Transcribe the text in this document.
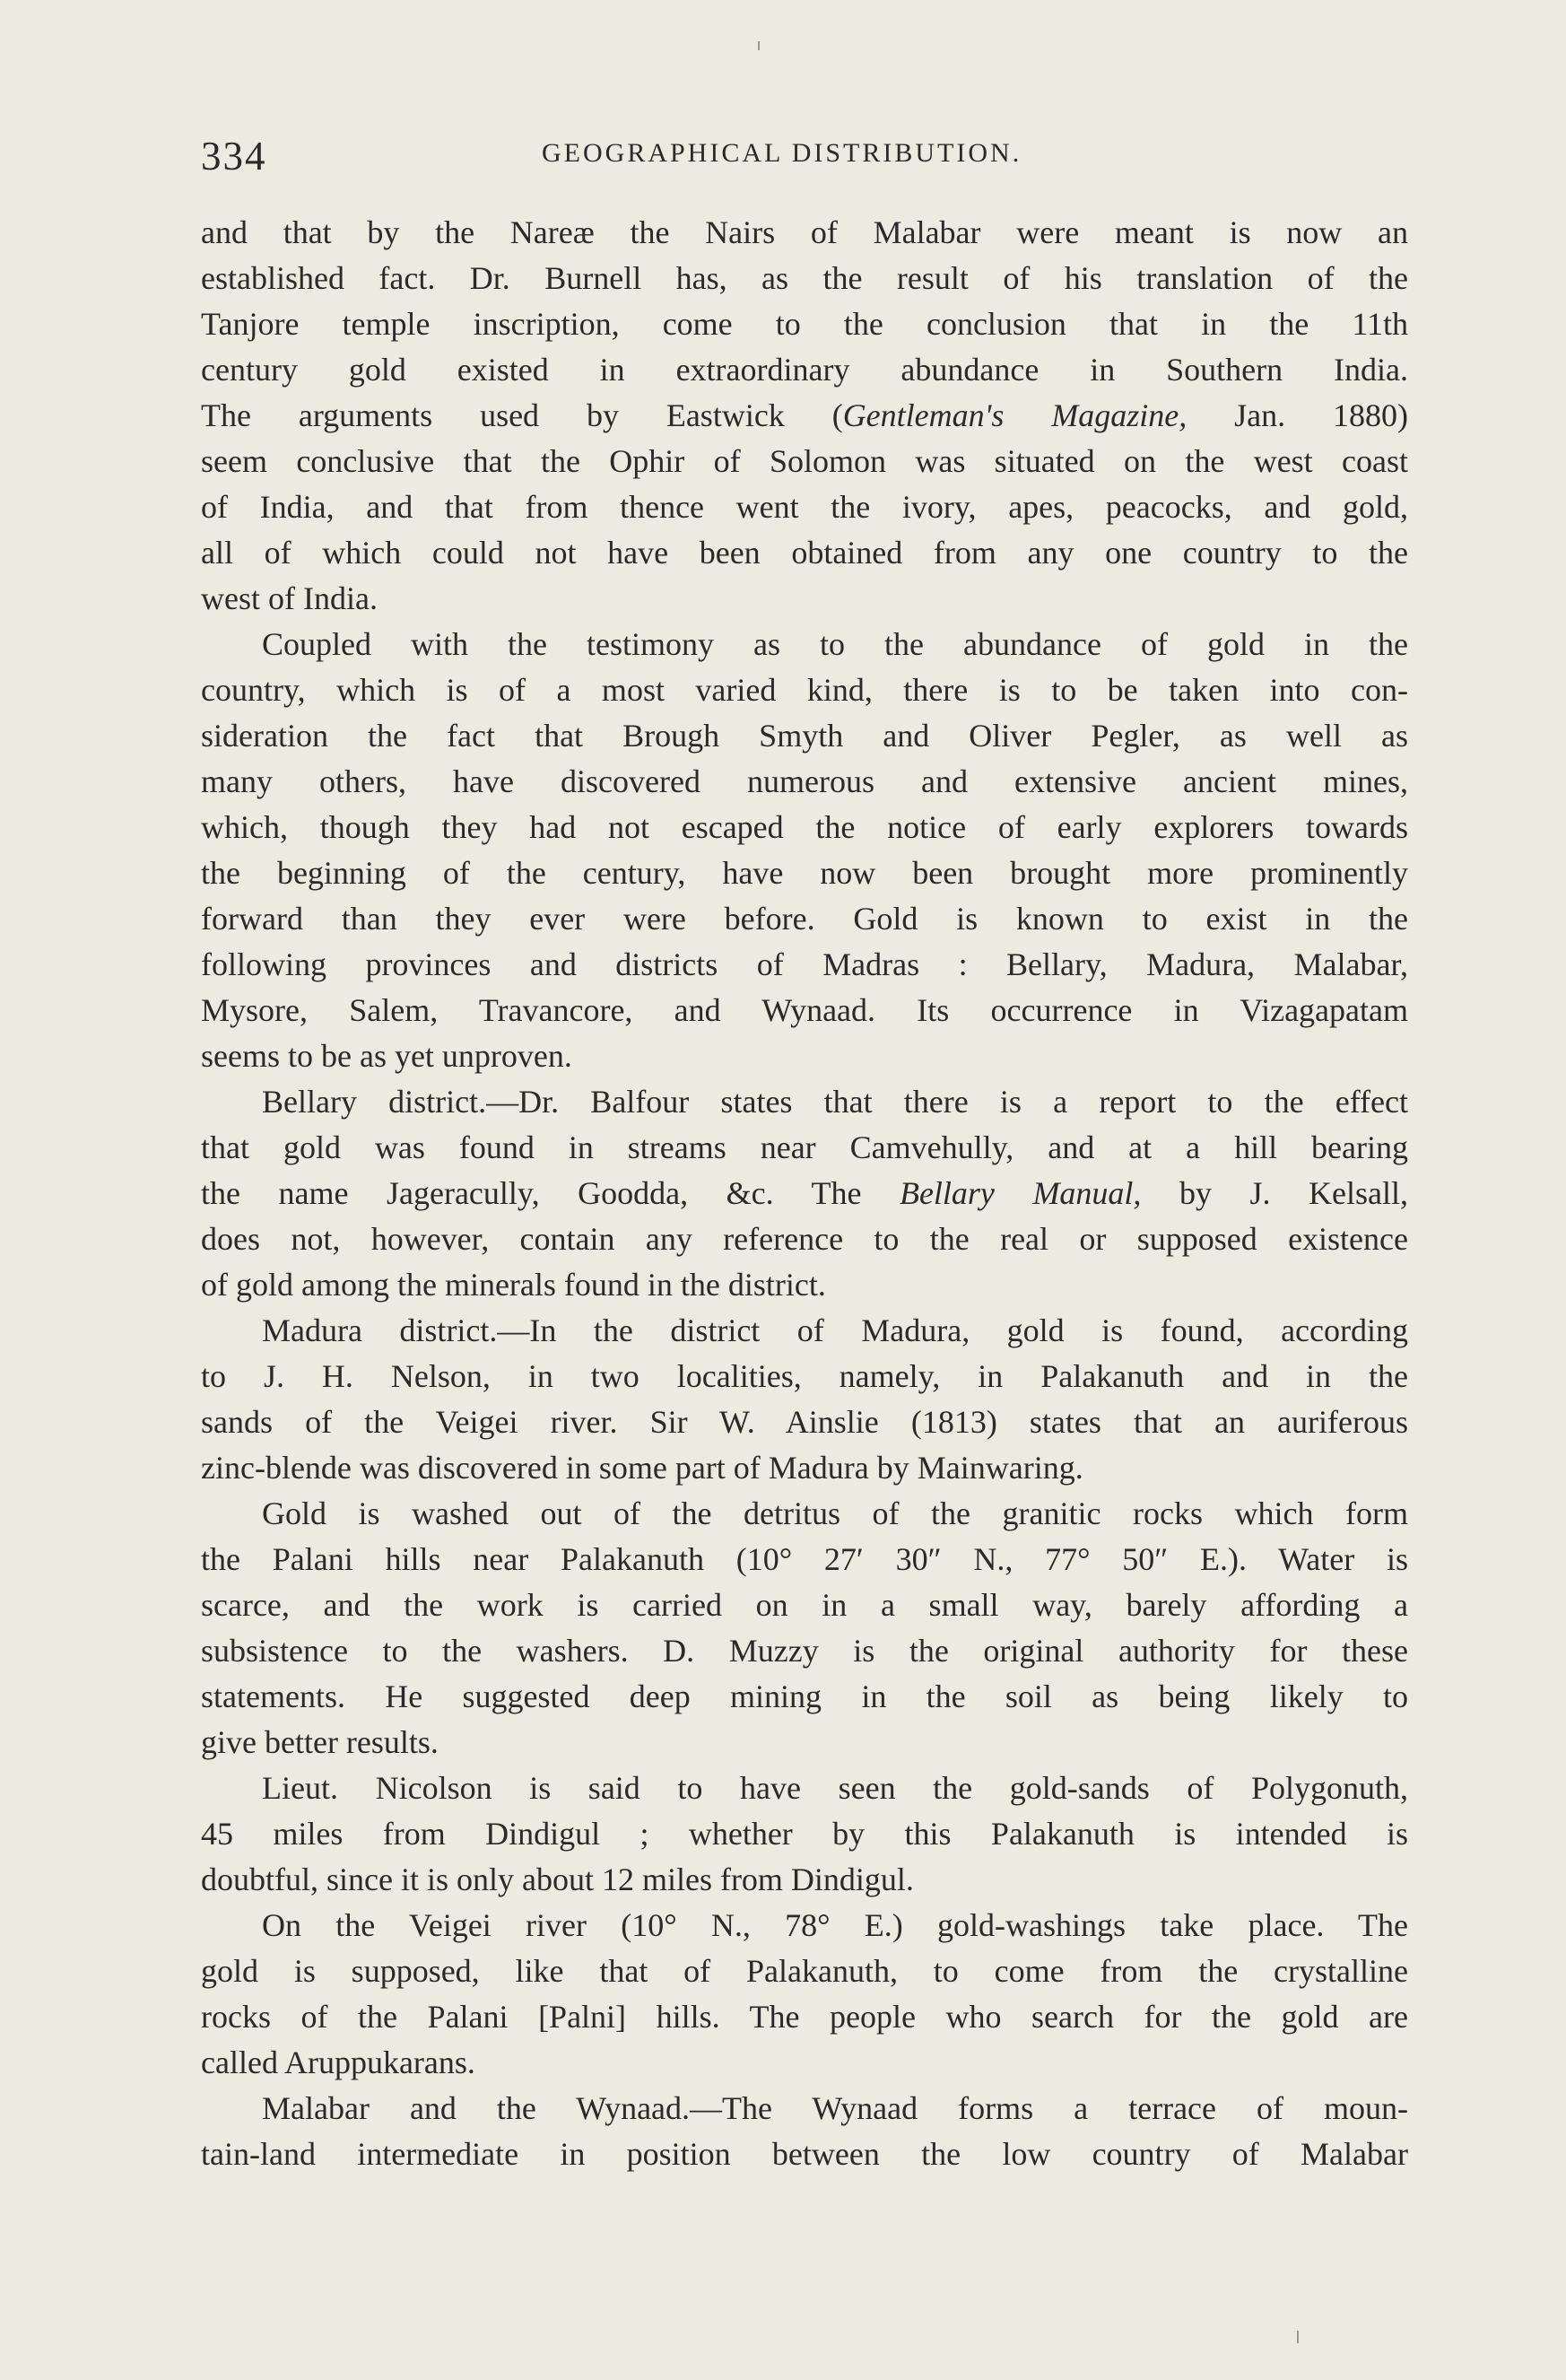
334	GEOGRAPHICAL DISTRIBUTION.
and that by the Nareæ the Nairs of Malabar were meant is now an
established fact. Dr. Burnell has, as the result of his translation of the
Tanjore temple inscription, come to the conclusion that in the 11th
century gold existed in extraordinary abundance in Southern India.
The arguments used by Eastwick (Gentleman's Magazine, Jan. 1880)
seem conclusive that the Ophir of Solomon was situated on the west coast
of India, and that from thence went the ivory, apes, peacocks, and gold,
all of which could not have been obtained from any one country to the
west of India.
Coupled with the testimony as to the abundance of gold in the
country, which is of a most varied kind, there is to be taken into con-
sideration the fact that Brough Smyth and Oliver Pegler, as well as
many others, have discovered numerous and extensive ancient mines,
which, though they had not escaped the notice of early explorers towards
the beginning of the century, have now been brought more prominently
forward than they ever were before. Gold is known to exist in the
following provinces and districts of Madras : Bellary, Madura, Malabar,
Mysore, Salem, Travancore, and Wynaad. Its occurrence in Vizagapatam
seems to be as yet unproven.
Bellary district.—Dr. Balfour states that there is a report to the effect
that gold was found in streams near Camvehully, and at a hill bearing
the name Jageracully, Goodda, &c. The Bellary Manual, by J. Kelsall,
does not, however, contain any reference to the real or supposed existence
of gold among the minerals found in the district.
Madura district.—In the district of Madura, gold is found, according
to J. H. Nelson, in two localities, namely, in Palakanuth and in the
sands of the Veigei river. Sir W. Ainslie (1813) states that an auriferous
zinc-blende was discovered in some part of Madura by Mainwaring.
Gold is washed out of the detritus of the granitic rocks which form
the Palani hills near Palakanuth (10° 27′ 30″ N., 77° 50″ E.). Water is
scarce, and the work is carried on in a small way, barely affording a
subsistence to the washers. D. Muzzy is the original authority for these
statements. He suggested deep mining in the soil as being likely to
give better results.
Lieut. Nicolson is said to have seen the gold-sands of Polygonuth,
45 miles from Dindigul ; whether by this Palakanuth is intended is
doubtful, since it is only about 12 miles from Dindigul.
On the Veigei river (10° N., 78° E.) gold-washings take place. The
gold is supposed, like that of Palakanuth, to come from the crystalline
rocks of the Palani [Palni] hills. The people who search for the gold are
called Aruppukarans.
Malabar and the Wynaad.—The Wynaad forms a terrace of moun-
tain-land intermediate in position between the low country of Malabar
